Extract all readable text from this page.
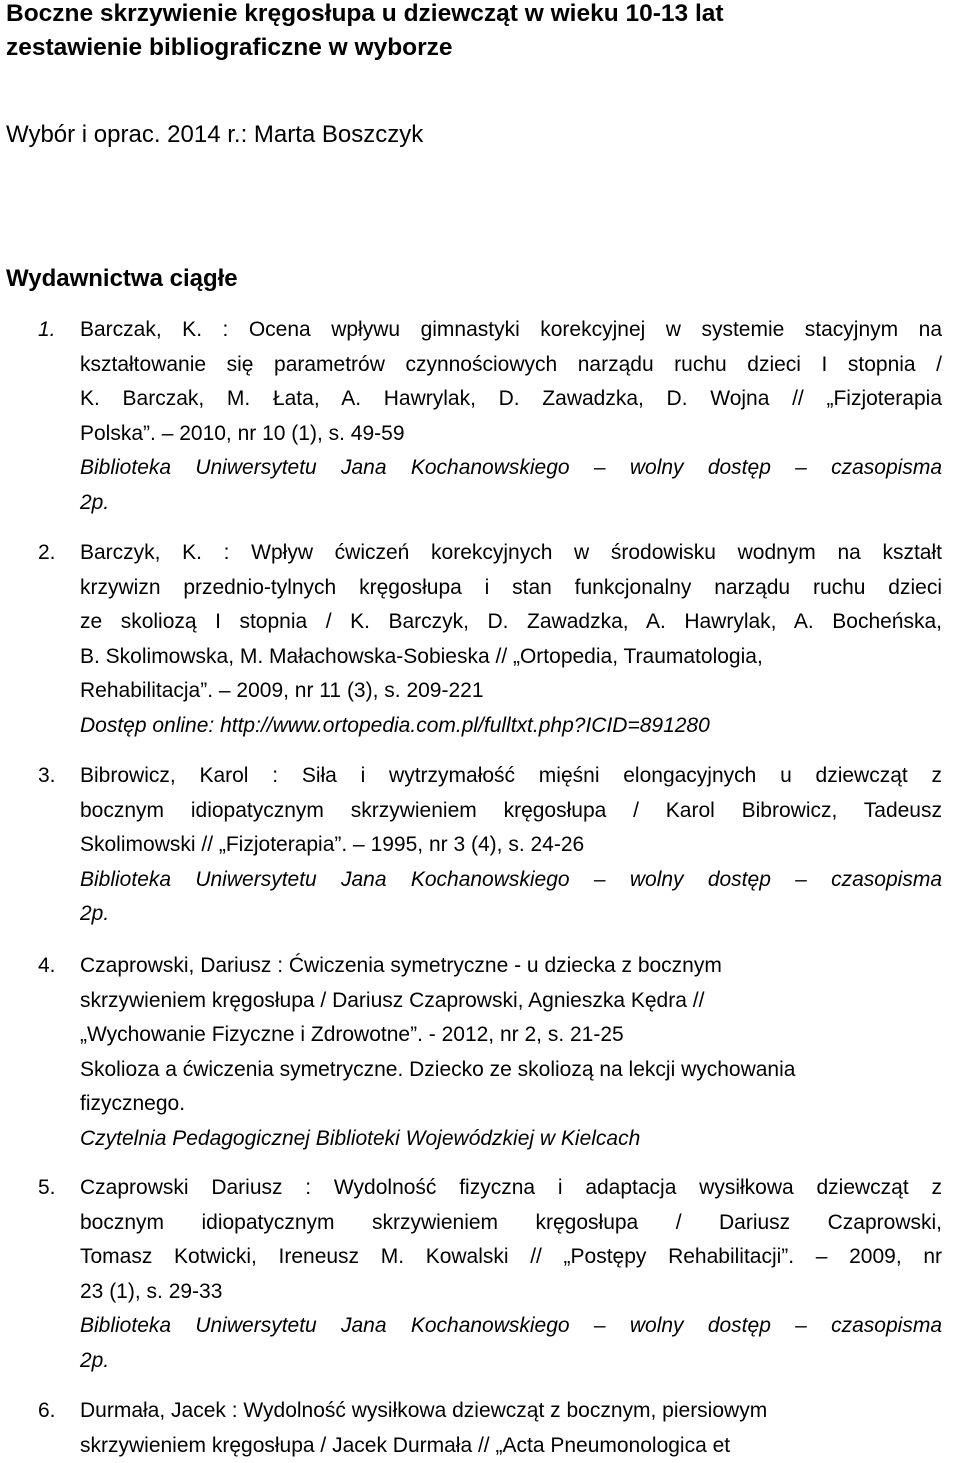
Boczne skrzywienie kręgosłupa u dziewcząt w wieku 10-13 lat
zestawienie bibliograficzne w wyborze

Wybór i oprac. 2014 r.: Marta Boszczyk

Wydawnictwa ciągłe
1. Barczak, K. : Ocena wpływu gimnastyki korekcyjnej w systemie stacyjnym na
kształtowanie się parametrów czynnościowych narządu ruchu dzieci I stopnia /
K. Barczak, M. Łata, A. Hawrylak, D. Zawadzka, D. Wojna // „Fizjoterapia
Polska”. ‒ 2010, nr 10 (1), s. 49-59
Biblioteka Uniwersytetu Jana Kochanowskiego ‒ wolny dostęp ‒ czasopisma
2p.
2. Barczyk, K. : Wpływ ćwiczeń korekcyjnych w środowisku wodnym na kształt
krzywizn przednio-tylnych kręgosłupa i stan funkcjonalny narządu ruchu dzieci
ze skoliozą I stopnia / K. Barczyk, D. Zawadzka, A. Hawrylak, A. Bocheńska,
B. Skolimowska, M. Małachowska-Sobieska // „Ortopedia, Traumatologia,
Rehabilitacja”. ‒ 2009, nr 11 (3), s. 209-221
Dostęp online: http://www.ortopedia.com.pl/fulltxt.php?ICID=891280
3. Bibrowicz, Karol : Siła i wytrzymałość mięśni elongacyjnych u dziewcząt z
bocznym idiopatycznym skrzywieniem kręgosłupa / Karol Bibrowicz, Tadeusz
Skolimowski // „Fizjoterapia”. ‒ 1995, nr 3 (4), s. 24-26
Biblioteka Uniwersytetu Jana Kochanowskiego ‒ wolny dostęp ‒ czasopisma
2p.
4. Czaprowski, Dariusz : Ćwiczenia symetryczne - u dziecka z bocznym
skrzywieniem kręgosłupa / Dariusz Czaprowski, Agnieszka Kędra //
„Wychowanie Fizyczne i Zdrowotne”. - 2012, nr 2, s. 21-25
Skolioza a ćwiczenia symetryczne. Dziecko ze skoliozą na lekcji wychowania
fizycznego.
Czytelnia Pedagogicznej Biblioteki Wojewódzkiej w Kielcach
5. Czaprowski Dariusz : Wydolność fizyczna i adaptacja wysiłkowa dziewcząt z
bocznym idiopatycznym skrzywieniem kręgosłupa / Dariusz Czaprowski,
Tomasz Kotwicki, Ireneusz M. Kowalski // „Postępy Rehabilitacji”. ‒ 2009, nr
23 (1), s. 29-33
Biblioteka Uniwersytetu Jana Kochanowskiego ‒ wolny dostęp ‒ czasopisma
2p.
6. Durmała, Jacek : Wydolność wysiłkowa dziewcząt z bocznym, piersiowym
skrzywieniem kręgosłupa / Jacek Durmała // „Acta Pneumonologica et
